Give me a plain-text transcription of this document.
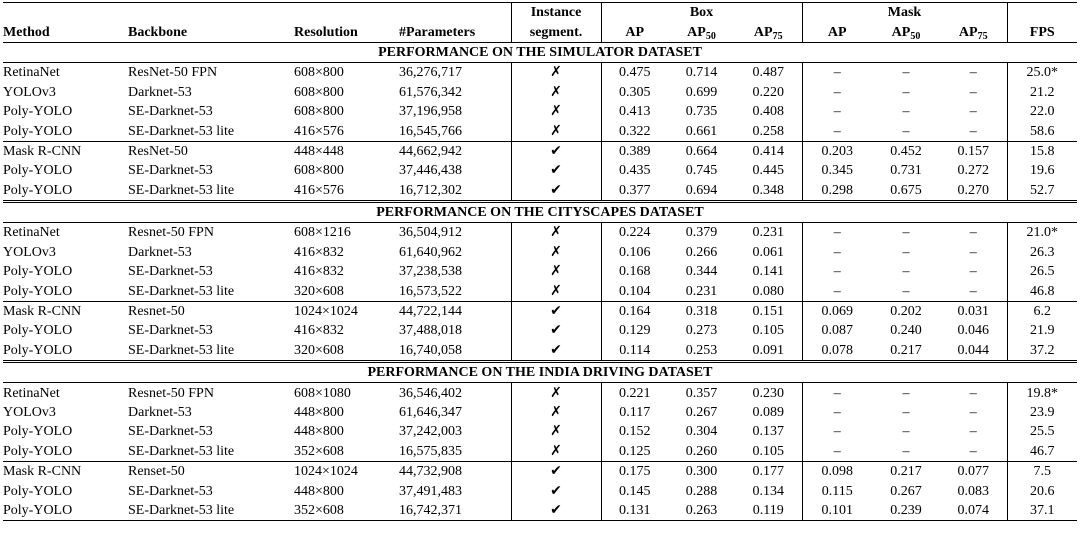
				Instance	Box			Mask			
Method	Backbone	Resolution	#Parameters	segment.	AP	$AP_{50}$	$AP_{75}$	AP	$AP_{50}$	$AP_{75}$	FPS
PERFORMANCE ON THE SIMULATOR DATASET											
RetinaNet	ResNet-50 FPN	608×800	36,276,717	✗	0.475	0.714	0.487	–	–	–	25.0*
YOLOv3	Darknet-53	608×800	61,576,342	✗	0.305	0.699	0.220	–	–	–	21.2
Poly-YOLO	SE-Darknet-53	608×800	37,196,958	✗	0.413	0.735	0.408	–	–	–	22.0
Poly-YOLO	SE-Darknet-53 lite	416×576	16,545,766	✗	0.322	0.661	0.258	–	–	–	58.6
Mask R-CNN	ResNet-50	448×448	44,662,942	✔	0.389	0.664	0.414	0.203	0.452	0.157	15.8
Poly-YOLO	SE-Darknet-53	608×800	37,446,438	✔	0.435	0.745	0.445	0.345	0.731	0.272	19.6
Poly-YOLO	SE-Darknet-53 lite	416×576	16,712,302	✔	0.377	0.694	0.348	0.298	0.675	0.270	52.7
PERFORMANCE ON THE CITYSCAPES DATASET											
RetinaNet	Resnet-50 FPN	608×1216	36,504,912	✗	0.224	0.379	0.231	–	–	–	21.0*
YOLOv3	Darknet-53	416×832	61,640,962	✗	0.106	0.266	0.061	–	–	–	26.3
Poly-YOLO	SE-Darknet-53	416×832	37,238,538	✗	0.168	0.344	0.141	–	–	–	26.5
Poly-YOLO	SE-Darknet-53 lite	320×608	16,573,522	✗	0.104	0.231	0.080	–	–	–	46.8
Mask R-CNN	Resnet-50	1024×1024	44,722,144	✔	0.164	0.318	0.151	0.069	0.202	0.031	6.2
Poly-YOLO	SE-Darknet-53	416×832	37,488,018	✔	0.129	0.273	0.105	0.087	0.240	0.046	21.9
Poly-YOLO	SE-Darknet-53 lite	320×608	16,740,058	✔	0.114	0.253	0.091	0.078	0.217	0.044	37.2
PERFORMANCE ON THE INDIA DRIVING DATASET											
RetinaNet	Resnet-50 FPN	608×1080	36,546,402	✗	0.221	0.357	0.230	–	–	–	19.8*
YOLOv3	Darknet-53	448×800	61,646,347	✗	0.117	0.267	0.089	–	–	–	23.9
Poly-YOLO	SE-Darknet-53	448×800	37,242,003	✗	0.152	0.304	0.137	–	–	–	25.5
Poly-YOLO	SE-Darknet-53 lite	352×608	16,575,835	✗	0.125	0.260	0.105	–	–	–	46.7
Mask R-CNN	Renset-50	1024×1024	44,732,908	✔	0.175	0.300	0.177	0.098	0.217	0.077	7.5
Poly-YOLO	SE-Darknet-53	448×800	37,491,483	✔	0.145	0.288	0.134	0.115	0.267	0.083	20.6
Poly-YOLO	SE-Darknet-53 lite	352×608	16,742,371	✔	0.131	0.263	0.119	0.101	0.239	0.074	37.1
